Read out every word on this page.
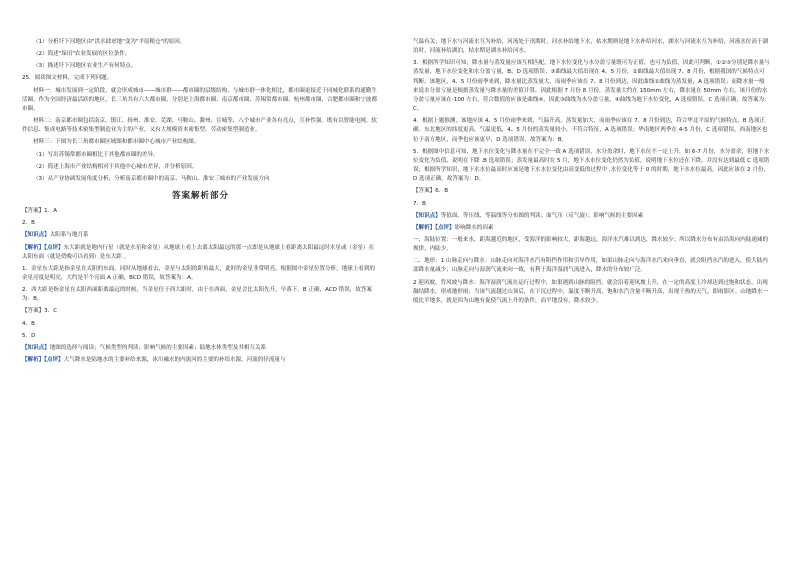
（1）分析圩下河地区由"洪水肆虐地"变为"平原粮仓"的原因。

（2）简述"垛田"农业发展的区位条件。

（3）描述圩下河地区农业生产有何特点。

25．阅读图文材料，完成下列问题。

材料一：城市发展到一定阶段，就会形成城市——城市群——都市圈的层级结构，与城市群一体化相比，都市圈更接近于同城化联系的通勤生活圈。作为全国经济最活跃的地区，长三角共有六大都市圈，分别是上海都市圈、南京都市圈、苏锡常都市圈、杭州都市圈、合肥都市圈和宁波都市圈。

材料二：南京都市圈包括南京、镇江、扬州、淮安、芜湖、马鞍山、滁州、宣城等，八个城市产业各有亮点，互补性强。既有以智能电网、软件信息、集成电路等技术密集型制造业为主的产业，又有大规模资本密集型、劳动密集型制造业。

材料三：下图为长三角都市圈区域图和都市圈中心城市产业结构图。

（1）写出苏锡常都市圈相比于其他都市圈的差异。

（2）简述上海市产业结构相对于其他中心城市差异，并分析原因。

（3）从产业协调发展角度分析，分析南京都市圈中的南京、马鞍山、淮安三城市的产业发展方向

答案解析部分

【答案】1．A

2．B

【知识点】太阳系与地月系

【解析】【点评】东大距就是地内行星（就是水星和金星）从地球上看上去离太阳最远的那一点即是从地球上看距离太阳最远时水星或（金星）在太阳东面（就是傍晚可以看到）是东大距 。

1．金星东大距是指金星在太阳的东面，同时从地球看去，金星与太阳的距角最大，此时的金星非常明亮，根据图中金星位置分析，地球上看到的金星亮度是明亮，大约是半个亮面 A 正确，BCD 错误，故答案为：A。

2．西大距是指金星在太阳西面距离最远的时候，当金星位于西大距时，由于在西面，金星会比太阳先升，早落下。B 正确，ACD 错误，故答案为：B。

【答案】3．C

4．B

5．D

【知识点】地图的选择与阅读；气候类型的判读；影响气候的主要因素；陆地水体类型及其相互关系

【解析】【点评】大气降水是陆地水的主要补给来源，冰川融水的内流河的主要的补给水源，河流的径流量与

气温有关；地下水与河流水互为补给，河流处于汛期时，河水补给地下水，枯水期则是地下水补给河水，湖水与河流水互为补给，河流水位高于湖泊时，河流补给湖泊，枯水期是湖水补给河水。

3．根据所学知识可知，降水量与蒸发量应该互相匹配，地下水位变化与水分盈亏量既可为正值，也可为负值，因此可判断，①②③分别是降水量与蒸发量、地下水位变化和水分盈亏量，B、D 选项错误；③曲线最大值出现在 4、5 月份，②曲线最大值出现 7、8 月份，根据我国的气候特点可判断，该地区，4、5 月份雨季来到，降水量比蒸发量大，而雨季应该在 7、8 月份到达，因此曲线①曲线为蒸发量，A 选项错误；而降水量一般来说水分盈亏量是根据蒸发量与降水量的差值计算，因此根据 7 月份 8 月份，蒸发量大约在 150mm 左右，降水量在 50mm 左右，该月份的水分盈亏量应该在-100 左右，符合数值的应该是曲线④，因此③曲线为水分盈亏量，④曲线为地下水位变化，A 选项错误，C 选项正确，故答案为：C。

4．根据上题推测，该地应该 4、5 月份雨季来到，气温升高，蒸发量加大，而雨季应该在 7、8 月份到达，符合华北平原的气候特点，B 选项正确。东北地区的纬度更高，气温更低，4、5 月份的蒸发量较小，不符合特征，A 选项错误；华南地区两季在 4-5 月份，C 选项错误，西南地区也位于南方地区，而季也应该更早，D 选项错误，故答案为：B。

5．根据图中信息可知，地下水位变化与降水量在不完全一致 A 选项错误，水分盈余时，地下水位不一定上升，如 6-7 月份，水分盈余，但地下水位变化为负值，说明在下降 ,B 选项错误；蒸发量最高时在 5 月，地下水水位变化仍然为负值，说明地下水位还在下降，并没有达到最低 C 选项错误；根据所学知识，地下水水位最高时应该是地下水水位变化由高变低的过程中 ,水位变化等于 0 的时期，地下水水位最高，因此应该在 2 月份，D 选项正确，故答案为：D。

【答案】6．B

7．B

【知识点】等值面、等压线、等温线等分布图的判读；面气压（反气旋）；影响气候的主要因素

【解析】【点评】影响降水的因素

一、海陆位置：一般来水，距海越近的地区，受海洋的影响较大，距海越远，海洋水汽难以到达，降水较少；所以降水分布有由沿海向内陆递减的规律，内陆少。

二、地形：1 山脉走向与降水：山脉走向对海洋水汽有阻挡作用和引导作用，如果山脉走向与海洋水汽来向垂直，就会阻挡水汽的进入，使大陆内部降水量减少；山脉走向与湿润气流来向一致，有利于海洋湿润气流进入，降水的分布较广泛。

2 迎风坡、背风坡与降水：海洋湿润气流在运行过程中，如果遇到山脉的阻挡，就会沿着迎风坡上升，在一定的高度上冷却达到过饱和状态，出现凝结降水，形成地形雨；当该气流越过山顶后，在下沉过程中，温度不断升高，饱和水汽含量不断升高，出现干热的天气，即雨影区。山地降水一般比平地多，就是因为山地有促使气流上升的条件，而平地没有，降水较少。
